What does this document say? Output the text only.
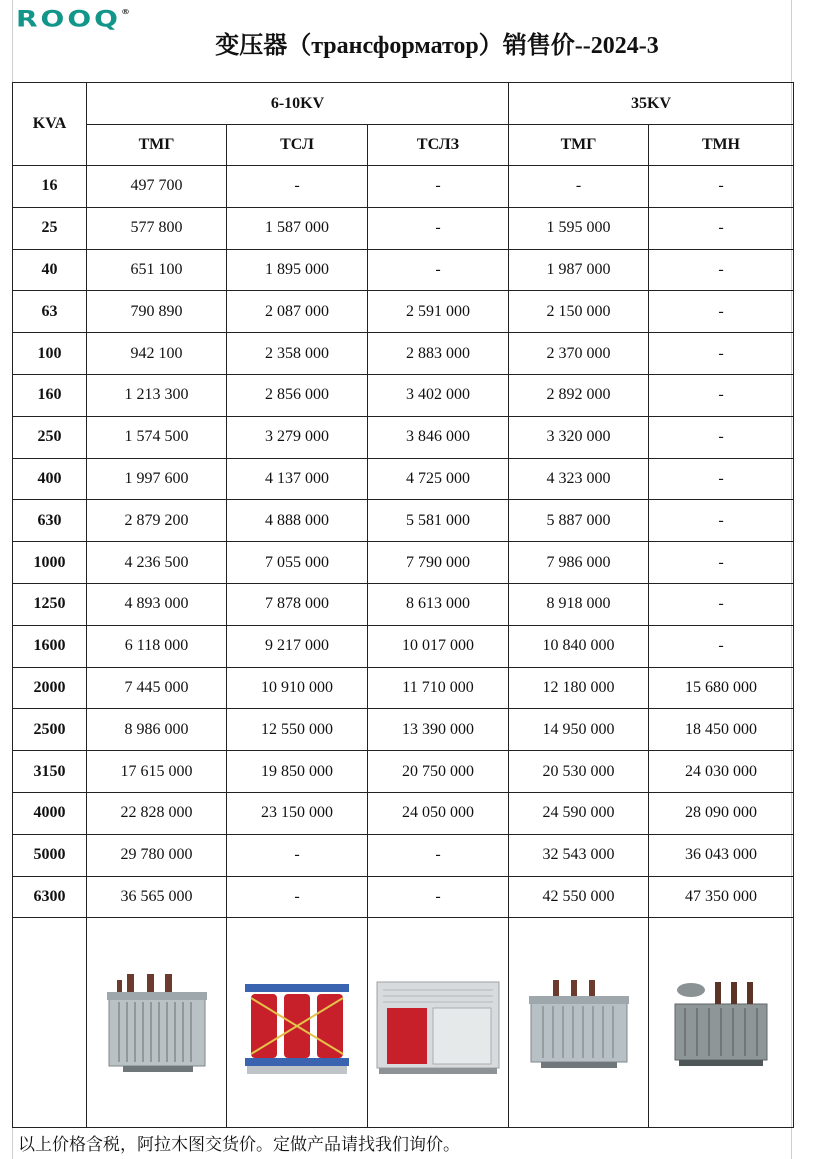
ROOQ®
变压器（трансформатор）销售价--2024-3
KVA	6-10KV			35KV	
	ТМГ	ТСЛ	ТСЛЗ	ТМГ	ТМН
16	497 700	-	-	-	-
25	577 800	1 587 000	-	1 595 000	-
40	651 100	1 895 000	-	1 987 000	-
63	790 890	2 087 000	2 591 000	2 150 000	-
100	942 100	2 358 000	2 883 000	2 370 000	-
160	1 213 300	2 856 000	3 402 000	2 892 000	-
250	1 574 500	3 279 000	3 846 000	3 320 000	-
400	1 997 600	4 137 000	4 725 000	4 323 000	-
630	2 879 200	4 888 000	5 581 000	5 887 000	-
1000	4 236 500	7 055 000	7 790 000	7 986 000	-
1250	4 893 000	7 878 000	8 613 000	8 918 000	-
1600	6 118 000	9 217 000	10 017 000	10 840 000	-
2000	7 445 000	10 910 000	11 710 000	12 180 000	15 680 000
2500	8 986 000	12 550 000	13 390 000	14 950 000	18 450 000
3150	17 615 000	19 850 000	20 750 000	20 530 000	24 030 000
4000	22 828 000	23 150 000	24 050 000	24 590 000	28 090 000
5000	29 780 000	-	-	32 543 000	36 043 000
6300	36 565 000	-	-	42 550 000	47 350 000

以上价格含税，阿拉木图交货价。定做产品请找我们询价。
